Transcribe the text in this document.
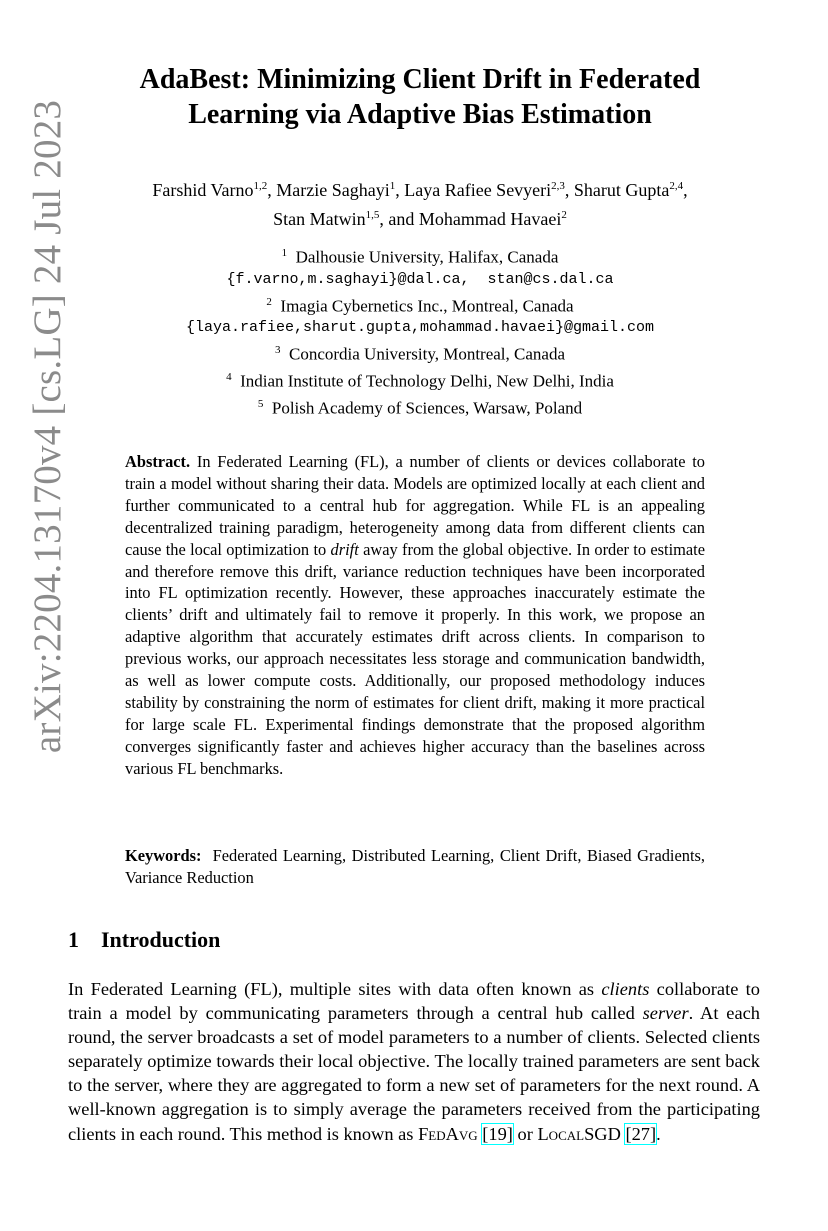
arXiv:2204.13170v4 [cs.LG] 24 Jul 2023
AdaBest: Minimizing Client Drift in Federated
Learning via Adaptive Bias Estimation
Farshid Varno$^{1,2}$, Marzie Saghayi$^1$, Laya Rafiee Sevyeri$^{2,3}$, Sharut Gupta$^{2,4}$,
Stan Matwin$^{1,5}$, and Mohammad Havaei$^2$
$^1$ Dalhousie University, Halifax, Canada
{f.varno,m.saghayi}@dal.ca,  stan@cs.dal.ca
$^2$ Imagia Cybernetics Inc., Montreal, Canada
{laya.rafiee,sharut.gupta,mohammad.havaei}@gmail.com
$^3$ Concordia University, Montreal, Canada
$^4$ Indian Institute of Technology Delhi, New Delhi, India
$^5$ Polish Academy of Sciences, Warsaw, Poland
Abstract. In Federated Learning (FL), a number of clients or devices collaborate to train a model without sharing their data. Models are optimized locally at each client and further communicated to a central hub for aggregation. While FL is an appealing decentralized training paradigm, heterogeneity among data from different clients can cause the local optimization to drift away from the global objective. In order to estimate and therefore remove this drift, variance reduction techniques have been incorporated into FL optimization recently. However, these approaches inaccurately estimate the clients’ drift and ultimately fail to remove it properly. In this work, we propose an adaptive algorithm that accurately estimates drift across clients. In comparison to previous works, our approach necessitates less storage and communication bandwidth, as well as lower compute costs. Additionally, our proposed methodology induces stability by constraining the norm of estimates for client drift, making it more practical for large scale FL. Experimental findings demonstrate that the proposed algorithm converges significantly faster and achieves higher accuracy than the baselines across various FL benchmarks.
Keywords: Federated Learning, Distributed Learning, Client Drift, Biased Gradients, Variance Reduction
1 Introduction
In Federated Learning (FL), multiple sites with data often known as clients collaborate to train a model by communicating parameters through a central hub called server. At each round, the server broadcasts a set of model parameters to a number of clients. Selected clients separately optimize towards their local objective. The locally trained parameters are sent back to the server, where they are aggregated to form a new set of parameters for the next round. A well-known aggregation is to simply average the parameters received from the participating clients in each round. This method is known as FedAvg [19] or LocalSGD [27].
